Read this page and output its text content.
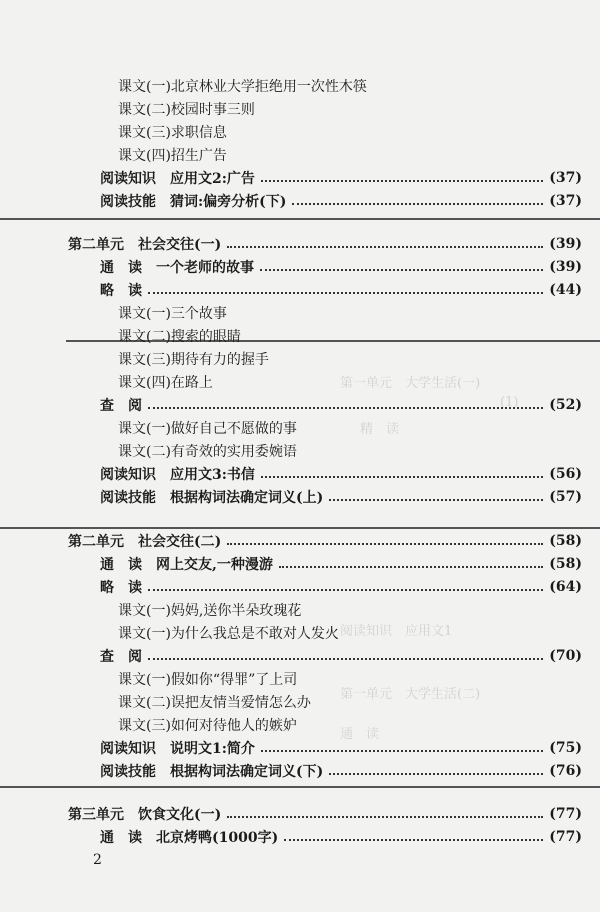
第一单元　大学生活(一)
(1)
精　读
阅读知识　应用文1
第一单元　大学生活(二)
通　读
课文(一)北京林业大学拒绝用一次性木筷
课文(二)校园时事三则
课文(三)求职信息
课文(四)招生广告
阅读知识　应用文2:广告	(37)
阅读技能　猜词:偏旁分析(下)	(37)
第二单元　社会交往(一)	(39)
通　读　一个老师的故事	(39)
略　读	(44)
课文(一)三个故事
课文(二)搜索的眼睛
课文(三)期待有力的握手
课文(四)在路上
查　阅	(52)
课文(一)做好自己不愿做的事
课文(二)有奇效的实用委婉语
阅读知识　应用文3:书信	(56)
阅读技能　根据构词法确定词义(上)	(57)
第二单元　社会交往(二)	(58)
通　读　网上交友,一种漫游	(58)
略　读	(64)
课文(一)妈妈,送你半朵玫瑰花
课文(一)为什么我总是不敢对人发火
查　阅	(70)
课文(一)假如你“得罪”了上司
课文(二)误把友情当爱情怎么办
课文(三)如何对待他人的嫉妒
阅读知识　说明文1:简介	(75)
阅读技能　根据构词法确定词义(下)	(76)
第三单元　饮食文化(一)	(77)
通　读　北京烤鸭(1000字)	(77)
2
